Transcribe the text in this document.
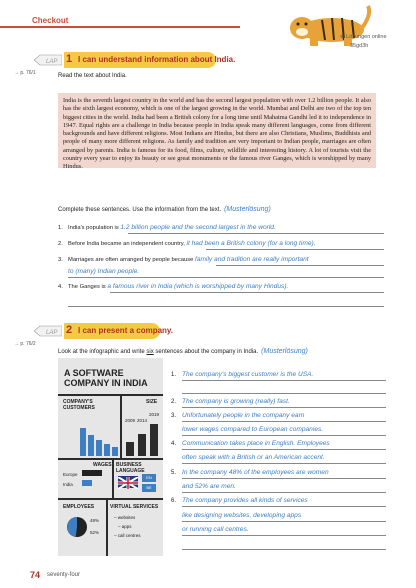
Checkout
⊕ Lösungen online
35gd3h
LAP 1 I can understand information about India.
→ p. 76/1	Read the text about India.
India is the seventh largest country in the world and has the second largest population with over 1.2 billion people. It also has the sixth largest economy, which is one of the largest growing in the world. Mumbai and Delhi are two of the top ten biggest cities in the world. India had been a British colony for a long time until Mahatma Gandhi led it to independence in 1947. Equal rights are a challenge in India because people in India speak many different languages, come from different backgrounds and have different religions. Most Indians are Hindus, but there are also Christians, Muslims, Buddhists and people of many more different religions. As family and tradition are very important to Indian people, marriages are often arranged by parents. India is famous for its food, films, culture, wildlife and interesting history. A lot of tourists visit the country every year to enjoy its beauty or see great monuments or the famous river Ganges, which is worshipped by many Hindus.
Complete these sentences. Use the information from the text. (Musterlösung)
1. India's population is 1.2 billion people and the second largest in the world.
2. Before India became an independent country, it had been a British colony (for a long time).
3. Marriages are often arranged by people because family and tradition are really important
to (many) Indian people.
4. The Ganges is a famous river in India (which is worshipped by many Hindus).
LAP 2 I can present a company.
→ p. 76/2
Look at the infographic and write six sentences about the company in India. (Musterlösung)
A SOFTWARE
COMPANY IN INDIA
COMPANY'S CUSTOMERS
SIZE
2009 2014
2019
WAGES
Europe
India
BUSINESS LANGUAGE
EN
BE
EMPLOYEES
48%
52%
VIRTUAL SERVICES
– websites
– apps
– call centres
1. The company's biggest customer is the USA.
2. The company is growing (really) fast.
3. Unfortunately people in the company earn
lower wages compared to European companies.
4. Communication takes place in English. Employees
often speak with a British or an American accent.
5. In the company 48% of the employees are women
and 52% are men.
6. The company provides all kinds of services
like designing websites, developing apps
or running call centres.
74 seventy-four
